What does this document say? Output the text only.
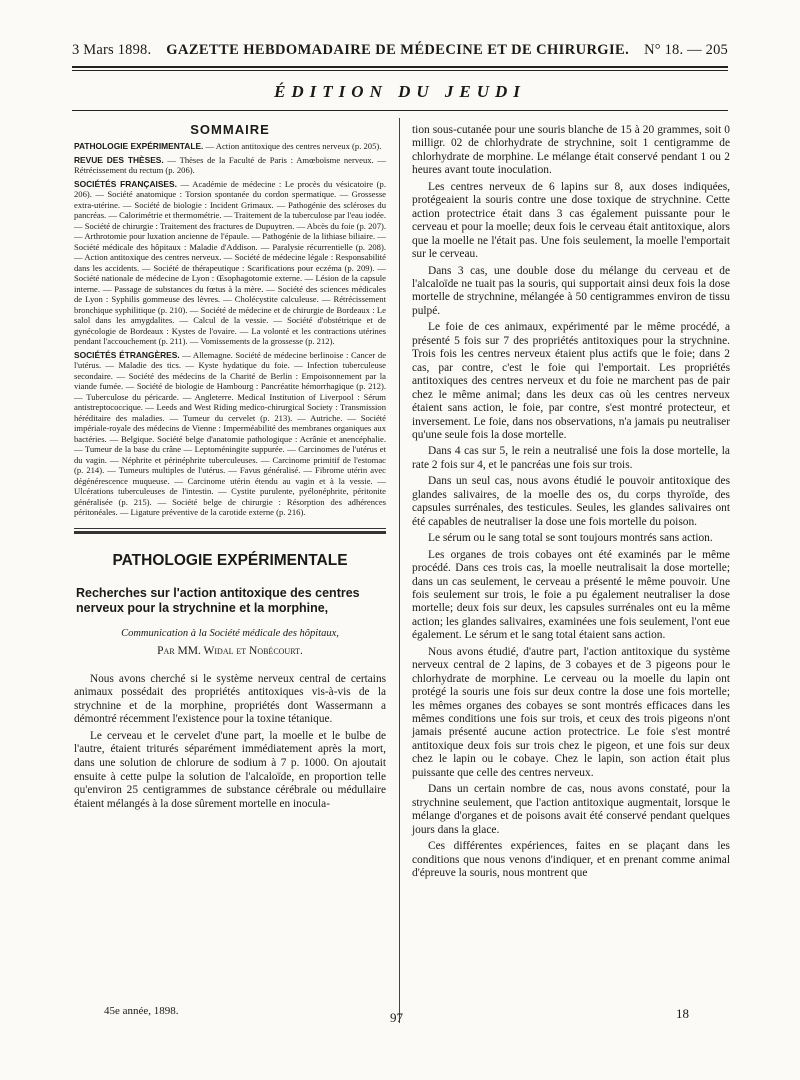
3 Mars 1898. GAZETTE HEBDOMADAIRE DE MÉDECINE ET DE CHIRURGIE. N° 18. — 205
ÉDITION DU JEUDI
SOMMAIRE

PATHOLOGIE EXPÉRIMENTALE. — Action antitoxique des centres nerveux (p. 205).

REVUE DES THÈSES. — Thèses de la Faculté de Paris : Amœboïsme nerveux. — Rétrécissement du rectum (p. 206).

SOCIÉTÉS FRANÇAISES. — Académie de médecine : Le procès du vésicatoire (p. 206). — Société anatomique : Torsion spontanée du cordon spermatique. — Grossesse extra-utérine. — Société de biologie : Incident Grimaux. — Pathogénie des scléroses du pancréas. — Calorimétrie et thermométrie. — Traitement de la tuberculose par l'eau iodée. — Société de chirurgie : Traitement des fractures de Dupuytren. — Abcès du foie (p. 207). — Arthrotomie pour luxation ancienne de l'épaule. — Pathogénie de la lithiase biliaire. — Société médicale des hôpitaux : Maladie d'Addison. — Paralysie récurrentielle (p. 208). — Action antitoxique des centres nerveux. — Société de médecine légale : Responsabilité dans les accidents. — Société de thérapeutique : Scarifications pour eczéma (p. 209). — Société nationale de médecine de Lyon : Œsophagotomie externe. — Lésion de la capsule interne. — Passage de substances du fœtus à la mère. — Société des sciences médicales de Lyon : Syphilis gommeuse des lèvres. — Cholécystite calculeuse. — Rétrécissement bronchique syphilitique (p. 210). — Société de médecine et de chirurgie de Bordeaux : Le salol dans les amygdalites. — Calcul de la vessie. — Société d'obstétrique et de gynécologie de Bordeaux : Kystes de l'ovaire. — La volonté et les contractions utérines pendant l'accouchement (p. 211). — Vomissements de la grossesse (p. 212).

SOCIÉTÉS ÉTRANGÈRES. — Allemagne. Société de médecine berlinoise : Cancer de l'utérus. — Maladie des tics. — Kyste hydatique du foie. — Infection tuberculeuse secondaire. — Société des médecins de la Charité de Berlin : Empoisonnement par la viande fumée. — Société de biologie de Hambourg : Pancréatite hémorrhagique (p. 212). — Tuberculose du péricarde. — Angleterre. Medical Institution of Liverpool : Sérum antistreptococcique. — Leeds and West Riding medico-chirurgical Society : Transmission héréditaire des maladies. — Tumeur du cervelet (p. 213). — Autriche. — Société impériale-royale des médecins de Vienne : Imperméabilité des membranes organiques aux bactéries. — Belgique. Société belge d'anatomie pathologique : Acrânie et anencéphalie. — Tumeur de la base du crâne — Leptoméningite suppurée. — Carcinomes de l'utérus et du vagin. — Néphrite et périnéphrite tuberculeuses. — Carcinome primitif de l'estomac (p. 214). — Tumeurs multiples de l'utérus. — Favus généralisé. — Fibrome utérin avec dégénérescence muqueuse. — Carcinome utérin étendu au vagin et à la vessie. — Ulcérations tuberculeuses de l'intestin. — Cystite purulente, pyélonéphrite, péritonite généralisée (p. 215). — Société belge de chirurgie : Résorption des adhérences péritonéales. — Ligature préventive de la carotide externe (p. 216).

PATHOLOGIE EXPÉRIMENTALE
Recherches sur l'action antitoxique des centres nerveux pour la strychnine et la morphine,
Communication à la Société médicale des hôpitaux,
Par MM. Widal et Nobécourt.

Nous avons cherché si le système nerveux central de certains animaux possédait des propriétés antitoxiques vis-à-vis de la strychnine et de la morphine, propriétés dont Wassermann a démontré récemment l'existence pour la toxine tétanique.

Le cerveau et le cervelet d'une part, la moelle et le bulbe de l'autre, étaient triturés séparément immédiatement après la mort, dans une solution de chlorure de sodium à 7 p. 1000. On ajoutait ensuite à cette pulpe la solution de l'alcaloïde, en proportion telle qu'environ 25 centigrammes de substance cérébrale ou médullaire étaient mélangés à la dose sûrement mortelle en inocula-

tion sous-cutanée pour une souris blanche de 15 à 20 grammes, soit 0 milligr. 02 de chlorhydrate de strychnine, soit 1 centigramme de chlorhydrate de morphine. Le mélange était conservé pendant 1 ou 2 heures avant toute inoculation.

Les centres nerveux de 6 lapins sur 8, aux doses indiquées, protégeaient la souris contre une dose toxique de strychnine. Cette action protectrice était dans 3 cas également puissante pour le cerveau et pour la moelle; deux fois le cerveau était antitoxique, alors que la moelle ne l'était pas. Une fois seulement, la moelle l'emportait sur le cerveau.

Dans 3 cas, une double dose du mélange du cerveau et de l'alcaloïde ne tuait pas la souris, qui supportait ainsi deux fois la dose mortelle de strychnine, mélangée à 50 centigrammes environ de tissu pulpé.

Le foie de ces animaux, expérimenté par le même procédé, a présenté 5 fois sur 7 des propriétés antitoxiques pour la strychnine. Trois fois les centres nerveux étaient plus actifs que le foie; dans 2 cas, par contre, c'est le foie qui l'emportait. Les propriétés antitoxiques des centres nerveux et du foie ne marchent pas de pair chez le même animal; dans les deux cas où les centres nerveux étaient sans action, le foie, par contre, s'est montré protecteur, et inversement. Le foie, dans nos observations, n'a jamais pu neutraliser qu'une seule fois la dose mortelle.

Dans 4 cas sur 5, le rein a neutralisé une fois la dose mortelle, la rate 2 fois sur 4, et le pancréas une fois sur trois.

Dans un seul cas, nous avons étudié le pouvoir antitoxique des glandes salivaires, de la moelle des os, du corps thyroïde, des capsules surrénales, des testicules. Seules, les glandes salivaires ont été capables de neutraliser la dose une fois mortelle du poison.

Le sérum ou le sang total se sont toujours montrés sans action.

Les organes de trois cobayes ont été examinés par le même procédé. Dans ces trois cas, la moelle neutralisait la dose mortelle; dans un cas seulement, le cerveau a présenté le même pouvoir. Une fois seulement sur trois, le foie a pu également neutraliser la dose mortelle; deux fois sur deux, les capsules surrénales ont eu la même action; les glandes salivaires, examinées une fois seulement, l'ont eue également. Le sérum et le sang total étaient sans action.

Nous avons étudié, d'autre part, l'action antitoxique du système nerveux central de 2 lapins, de 3 cobayes et de 3 pigeons pour le chlorhydrate de morphine. Le cerveau ou la moelle du lapin ont protégé la souris une fois sur deux contre la dose une fois mortelle; les mêmes organes des cobayes se sont montrés efficaces dans les mêmes conditions une fois sur trois, et ceux des trois pigeons n'ont jamais présenté aucune action protectrice. Le foie s'est montré antitoxique deux fois sur trois chez le pigeon, et une fois sur deux chez le lapin ou le cobaye. Chez le lapin, son action était plus puissante que celle des centres nerveux.

Dans un certain nombre de cas, nous avons constaté, pour la strychnine seulement, que l'action antitoxique augmentait, lorsque le mélange d'organes et de poisons avait été conservé pendant quelques jours dans la glace.

Ces différentes expériences, faites en se plaçant dans les conditions que nous venons d'indiquer, et en prenant comme animal d'épreuve la souris, nous montrent que

45e année, 1898.	97	18
